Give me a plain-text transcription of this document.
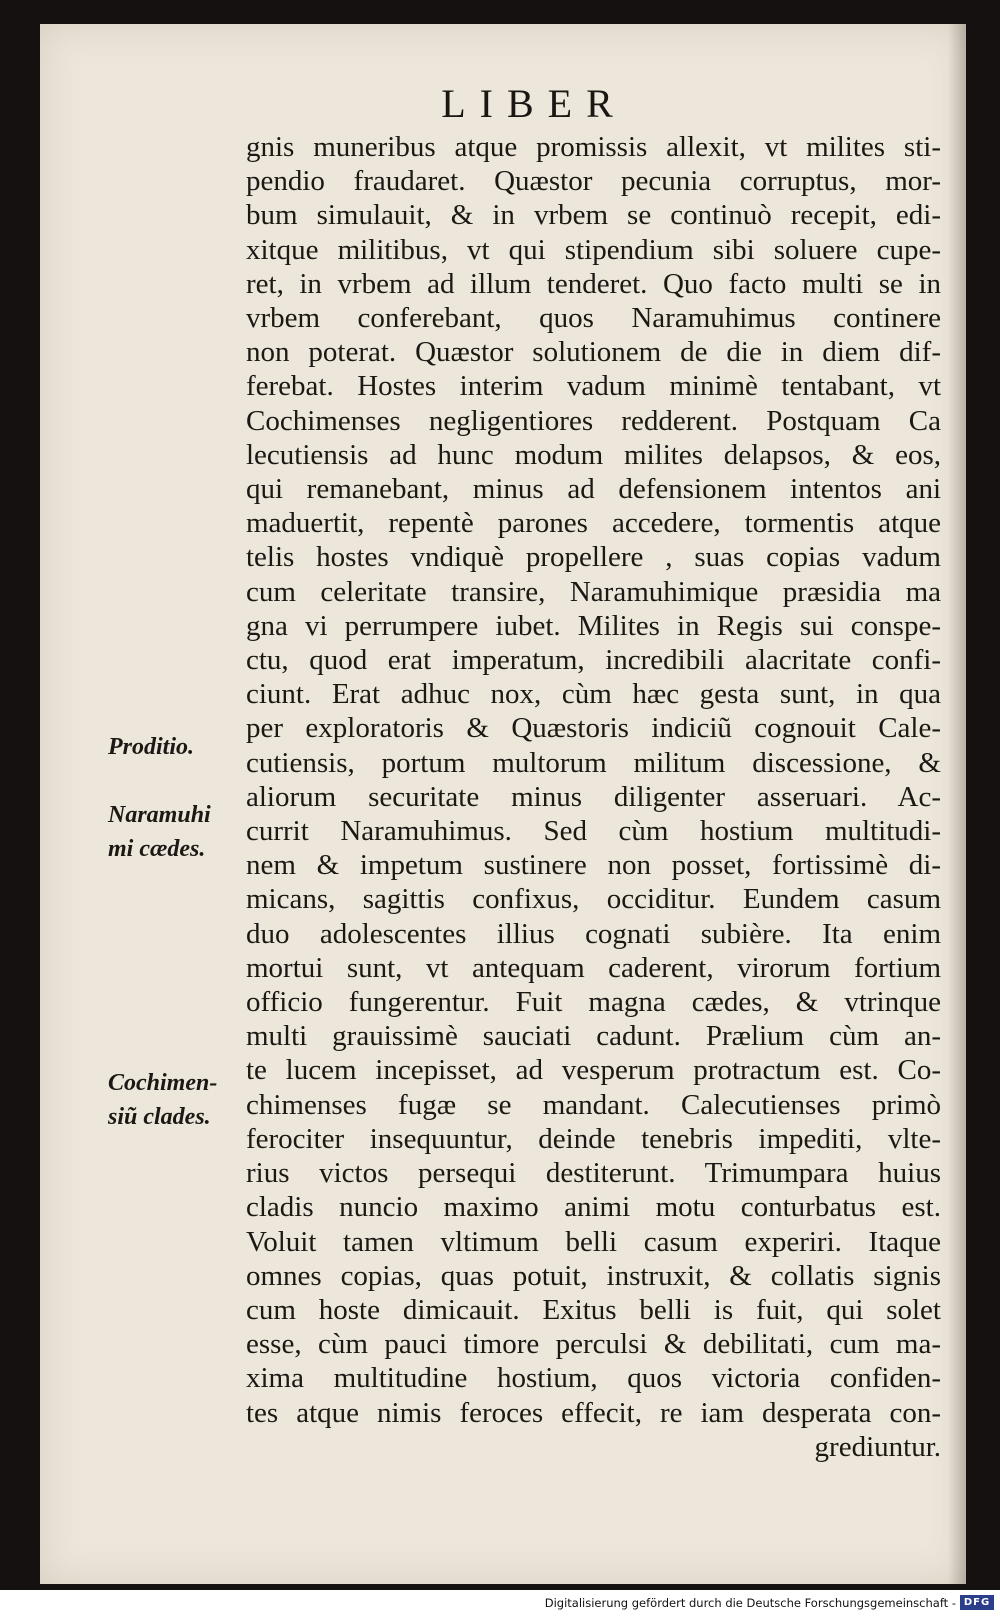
LIBER
gnis muneribus atque promissis allexit, vt milites sti-
pendio fraudaret. Quæstor pecunia corruptus, mor-
bum simulauit, & in vrbem se continuò recepit, edi-
xitque militibus, vt qui stipendium sibi soluere cupe-
ret, in vrbem ad illum tenderet. Quo facto multi se in
vrbem conferebant, quos Naramuhimus continere
non poterat. Quæstor solutionem de die in diem dif-
ferebat. Hostes interim vadum minimè tentabant, vt
Cochimenses negligentiores redderent. Postquam Ca
lecutiensis ad hunc modum milites delapsos, & eos,
qui remanebant, minus ad defensionem intentos ani
maduertit, repentè parones accedere, tormentis atque
telis hostes vndiquè propellere , suas copias vadum
cum celeritate transire, Naramuhimique præsidia ma
gna vi perrumpere iubet. Milites in Regis sui conspe-
ctu, quod erat imperatum, incredibili alacritate confi-
ciunt. Erat adhuc nox, cùm hæc gesta sunt, in qua
per exploratoris & Quæstoris indiciũ cognouit Cale-
cutiensis, portum multorum militum discessione, &
aliorum securitate minus diligenter asseruari. Ac-
currit Naramuhimus. Sed cùm hostium multitudi-
nem & impetum sustinere non posset, fortissimè di-
micans, sagittis confixus, occiditur. Eundem casum
duo adolescentes illius cognati subière. Ita enim
mortui sunt, vt antequam caderent, virorum fortium
officio fungerentur. Fuit magna cædes, & vtrinque
multi grauissimè sauciati cadunt. Prælium cùm an-
te lucem incepisset, ad vesperum protractum est. Co-
chimenses fugæ se mandant. Calecutienses primò
ferociter insequuntur, deinde tenebris impediti, vlte-
rius victos persequi destiterunt. Trimumpara huius
cladis nuncio maximo animi motu conturbatus est.
Voluit tamen vltimum belli casum experiri. Itaque
omnes copias, quas potuit, instruxit, & collatis signis
cum hoste dimicauit. Exitus belli is fuit, qui solet
esse, cùm pauci timore perculsi & debilitati, cum ma-
xima multitudine hostium, quos victoria confiden-
tes atque nimis feroces effecit, re iam desperata con-
grediuntur.
Proditio.
Naramuhi
mi cædes.
Cochimen-
siũ clades.
Digitalisierung gefördert durch die Deutsche Forschungsgemeinschaft - DFG
